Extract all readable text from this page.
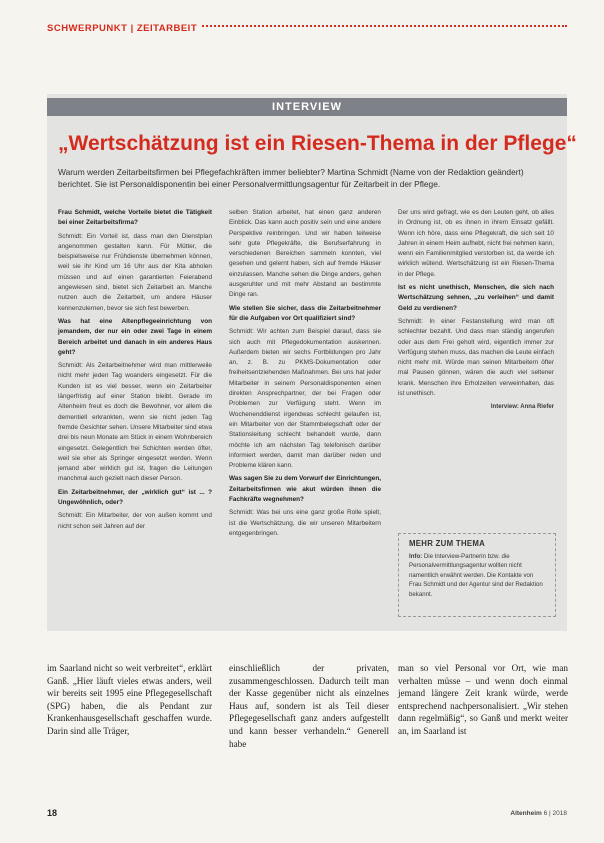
SCHWERPUNKT | ZEITARBEIT
INTERVIEW
„Wertschätzung ist ein Riesen-Thema in der Pflege“

Warum werden Zeitarbeitsfirmen bei Pflegefachkräften immer beliebter? Martina Schmidt (Name von der Redaktion geändert) berichtet. Sie ist Personaldisponentin bei einer Personalvermittlungsagentur für Zeitarbeit in der Pflege.

Frau Schmidt, welche Vorteile bietet die Tätigkeit bei einer Zeitarbeitsfirma?

Schmidt: Ein Vorteil ist, dass man den Dienstplan angenommen gestalten kann. Für Mütter, die beispielsweise nur Frühdienste übernehmen können, weil sie ihr Kind um 16 Uhr aus der Kita abholen müssen und auf einen garantierten Feierabend angewiesen sind, bietet sich Zeitarbeit an. Manche nutzen auch die Zeitarbeit, um andere Häuser kennenzulernen, bevor sie sich fest bewerben.

Was hat eine Altenpflegeeinrichtung von jemandem, der nur ein oder zwei Tage in einem Bereich arbeitet und danach in ein anderes Haus geht?

Schmidt: Als Zeitarbeitnehmer wird man mittlerweile nicht mehr jeden Tag woanders eingesetzt. Für die Kunden ist es viel besser, wenn ein Zeitarbeiter längerfristig auf einer Station bleibt. Gerade im Altenheim freut es doch die Bewohner, vor allem die dementiell erkrankten, wenn sie nicht jeden Tag fremde Gesichter sehen. Unsere Mitarbeiter sind etwa drei bis neun Monate am Stück in einem Wohnbereich eingesetzt. Gelegentlich frei Schichten werden öfter, weil sie eher als Springer eingesetzt werden. Wenn jemand aber wirklich gut ist, fragen die Leitungen manchmal auch gezielt nach dieser Person.

Ein Zeitarbeitnehmer, der „wirklich gut“ ist ... ? Ungewöhnlich, oder?

Schmidt: Ein Mitarbeiter, der von außen kommt und nicht schon seit Jahren auf der

selben Station arbeitet, hat einen ganz anderen Einblick. Das kann auch positiv sein und eine andere Perspektive reinbringen. Und wir haben teilweise sehr gute Pflegekräfte, die Berufserfahrung in verschiedenen Bereichen sammeln konnten, viel gesehen und gelernt haben, sich auf fremde Häuser einzulassen. Manche sehen die Dinge anders, gehen ausgeruhter und mit mehr Abstand an bestimmte Dinge ran.

Wie stellen Sie sicher, dass die Zeitarbeitnehmer für die Aufgaben vor Ort qualifiziert sind?

Schmidt: Wir achten zum Beispiel darauf, dass sie sich auch mit Pflegedokumentation auskennen. Außerdem bieten wir sechs Fortbildungen pro Jahr an, z. B. zu PKMS-Dokumentation oder freiheitsentziehenden Maßnahmen. Bei uns hat jeder Mitarbeiter in seinem Personaldisponenten einen direkten Ansprechpartner, der bei Fragen oder Problemen zur Verfügung steht. Wenn im Wochenenddienst irgendwas schlecht gelaufen ist, ein Mitarbeiter von der Stammbelegschaft oder der Stationsleitung schlecht behandelt wurde, dann möchte ich am nächsten Tag telefonisch darüber informiert werden, damit man darüber reden und Probleme klären kann.

Was sagen Sie zu dem Vorwurf der Einrichtungen, Zeitarbeitsfirmen wie akut würden ihnen die Fachkräfte wegnehmen?

Schmidt: Was bei uns eine ganz große Rolle spielt, ist die Wertschätzung, die wir unseren Mitarbeitern entgegenbringen.

Der uns wird gefragt, wie es den Leuten geht, ob alles in Ordnung ist, ob es ihnen in ihrem Einsatz gefällt. Wenn ich höre, dass eine Pflegekraft, die sich seit 10 Jahren in einem Heim aufhebt, nicht frei nehmen kann, wenn ein Familienmitglied verstorben ist, da werde ich wirklich wütend. Wertschätzung ist ein Riesen-Thema in der Pflege.

Ist es nicht unethisch, Menschen, die sich nach Wertschätzung sehnen, „zu verleihen“ und damit Geld zu verdienen?

Schmidt: In einer Festanstellung wird man oft schlechter bezahlt. Und dass man ständig angerufen oder aus dem Frei geholt wird, eigentlich immer zur Verfügung stehen muss, das machen die Leute einfach nicht mehr mit. Würde man seinen Mitarbeitern öfter mal Pausen gönnen, wären die auch viel seltener krank. Menschen ihre Erholzeiten verweinhalten, das ist unethisch.

Interview: Anna Riefer

MEHR ZUM THEMA
Info: Die Interview-Partnerin bzw. die Personalvermittlungsagentur wollten nicht namentlich erwähnt werden. Die Kontakte von Frau Schmidt und der Agentur sind der Redaktion bekannt.
im Saarland nicht so weit verbreitet“, erklärt Ganß. „Hier läuft vieles etwas anders, weil wir bereits seit 1995 eine Pflegegesellschaft (SPG) haben, die als Pendant zur Krankenhausgesellschaft geschaffen wurde. Darin sind alle Träger,
einschließlich der privaten, zusammengeschlossen. Dadurch teilt man der Kasse gegenüber nicht als einzelnes Haus auf, sondern ist als Teil dieser Pflegegesellschaft ganz anders aufgestellt und kann besser verhandeln.“ Generell habe
man so viel Personal vor Ort, wie man verhalten müsse – und wenn doch einmal jemand längere Zeit krank würde, werde entsprechend nachpersonalisiert. „Wir stehen dann regelmäßig“, so Ganß und merkt weiter an, im Saarland ist
18	Altenheim 6 | 2018
